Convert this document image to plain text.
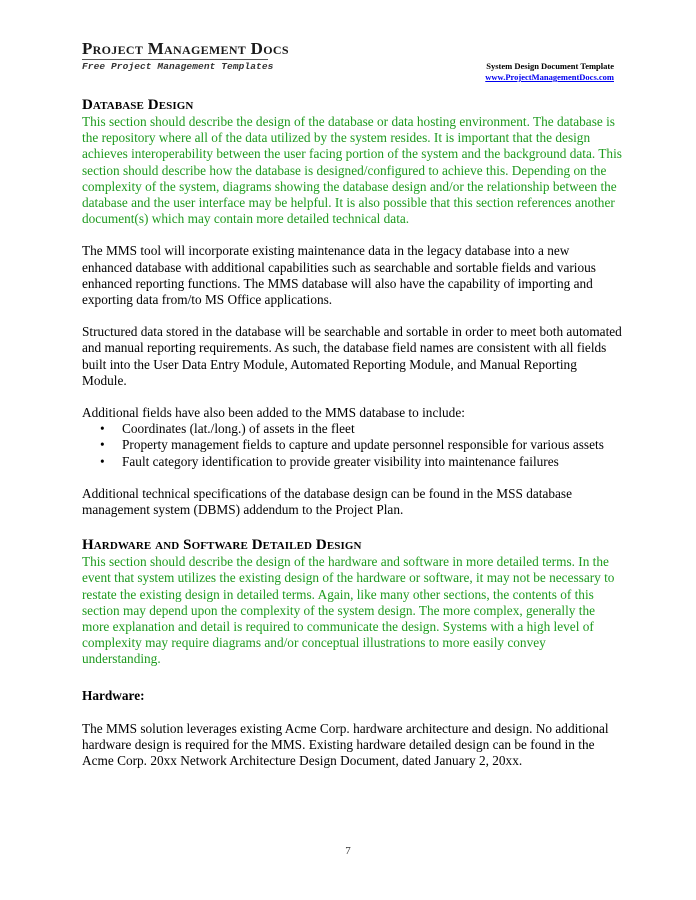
Project Management Docs
Free Project Management Templates	System Design Document Template
www.ProjectManagementDocs.com
Database Design

This section should describe the design of the database or data hosting environment. The database is the repository where all of the data utilized by the system resides. It is important that the design achieves interoperability between the user facing portion of the system and the background data. This section should describe how the database is designed/configured to achieve this. Depending on the complexity of the system, diagrams showing the database design and/or the relationship between the database and the user interface may be helpful. It is also possible that this section references another document(s) which may contain more detailed technical data.

The MMS tool will incorporate existing maintenance data in the legacy database into a new enhanced database with additional capabilities such as searchable and sortable fields and various enhanced reporting functions. The MMS database will also have the capability of importing and exporting data from/to MS Office applications.

Structured data stored in the database will be searchable and sortable in order to meet both automated and manual reporting requirements. As such, the database field names are consistent with all fields built into the User Data Entry Module, Automated Reporting Module, and Manual Reporting Module.

Additional fields have also been added to the MMS database to include:

• Coordinates (lat./long.) of assets in the fleet
• Property management fields to capture and update personnel responsible for various assets
• Fault category identification to provide greater visibility into maintenance failures

Additional technical specifications of the database design can be found in the MSS database management system (DBMS) addendum to the Project Plan.

Hardware and Software Detailed Design

This section should describe the design of the hardware and software in more detailed terms. In the event that system utilizes the existing design of the hardware or software, it may not be necessary to restate the existing design in detailed terms. Again, like many other sections, the contents of this section may depend upon the complexity of the system design. The more complex, generally the more explanation and detail is required to communicate the design. Systems with a high level of complexity may require diagrams and/or conceptual illustrations to more easily convey understanding.

Hardware:

The MMS solution leverages existing Acme Corp. hardware architecture and design. No additional hardware design is required for the MMS. Existing hardware detailed design can be found in the Acme Corp. 20xx Network Architecture Design Document, dated January 2, 20xx.

7
